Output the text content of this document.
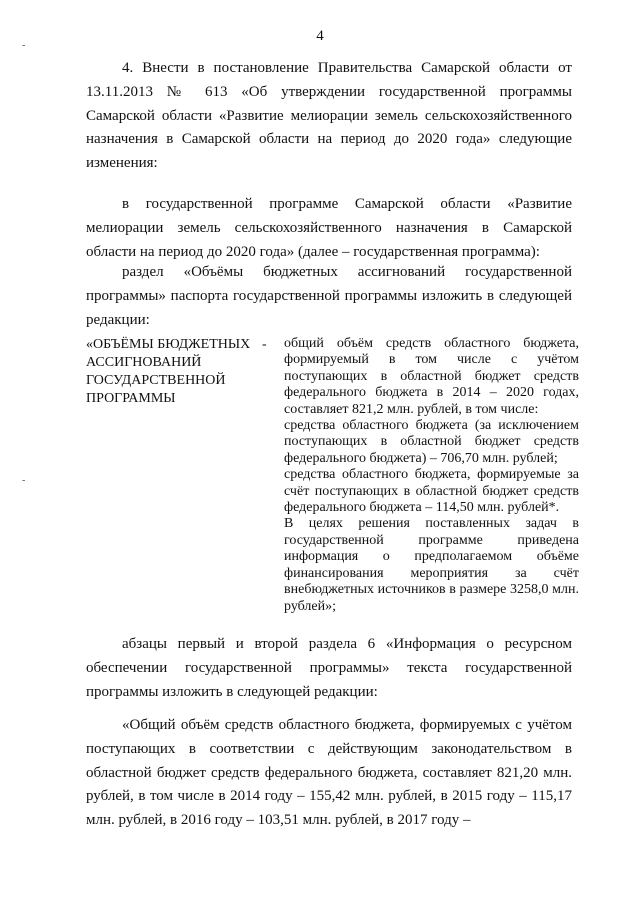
-
-
4

4. Внести в постановление Правительства Самарской области от 13.11.2013 № 613 «Об утверждении государственной программы Самарской области «Развитие мелиорации земель сельскохозяйственного назначения в Самарской области на период до 2020 года» следующие изменения:

в государственной программе Самарской области «Развитие мелиорации земель сельскохозяйственного назначения в Самарской области на период до 2020 года» (далее – государственная программа):

раздел «Объёмы бюджетных ассигнований государственной программы» паспорта государственной программы изложить в следующей редакции:

«ОБЪЁМЫ БЮДЖЕТНЫХ АССИГНОВАНИЙ ГОСУДАРСТВЕННОЙ ПРОГРАММЫ
- общий объём средств областного бюджета, формируемый в том числе с учётом поступающих в областной бюджет средств федерального бюджета в 2014 – 2020 годах, составляет 821,2 млн. рублей, в том числе:

средства областного бюджета (за исключением поступающих в областной бюджет средств федерального бюджета) – 706,70 млн. рублей;

средства областного бюджета, формируемые за счёт поступающих в областной бюджет средств федерального бюджета – 114,50 млн. рублей*.

В целях решения поставленных задач в государственной программе приведена информация о предполагаемом объёме финансирования мероприятия за счёт внебюджетных источников в размере 3258,0 млн. рублей»;

абзацы первый и второй раздела 6 «Информация о ресурсном обеспечении государственной программы» текста государственной программы изложить в следующей редакции:

«Общий объём средств областного бюджета, формируемых с учётом поступающих в соответствии с действующим законодательством в областной бюджет средств федерального бюджета, составляет 821,20 млн. рублей, в том числе в 2014 году – 155,42 млн. рублей, в 2015 году – 115,17 млн. рублей, в 2016 году – 103,51 млн. рублей, в 2017 году –
